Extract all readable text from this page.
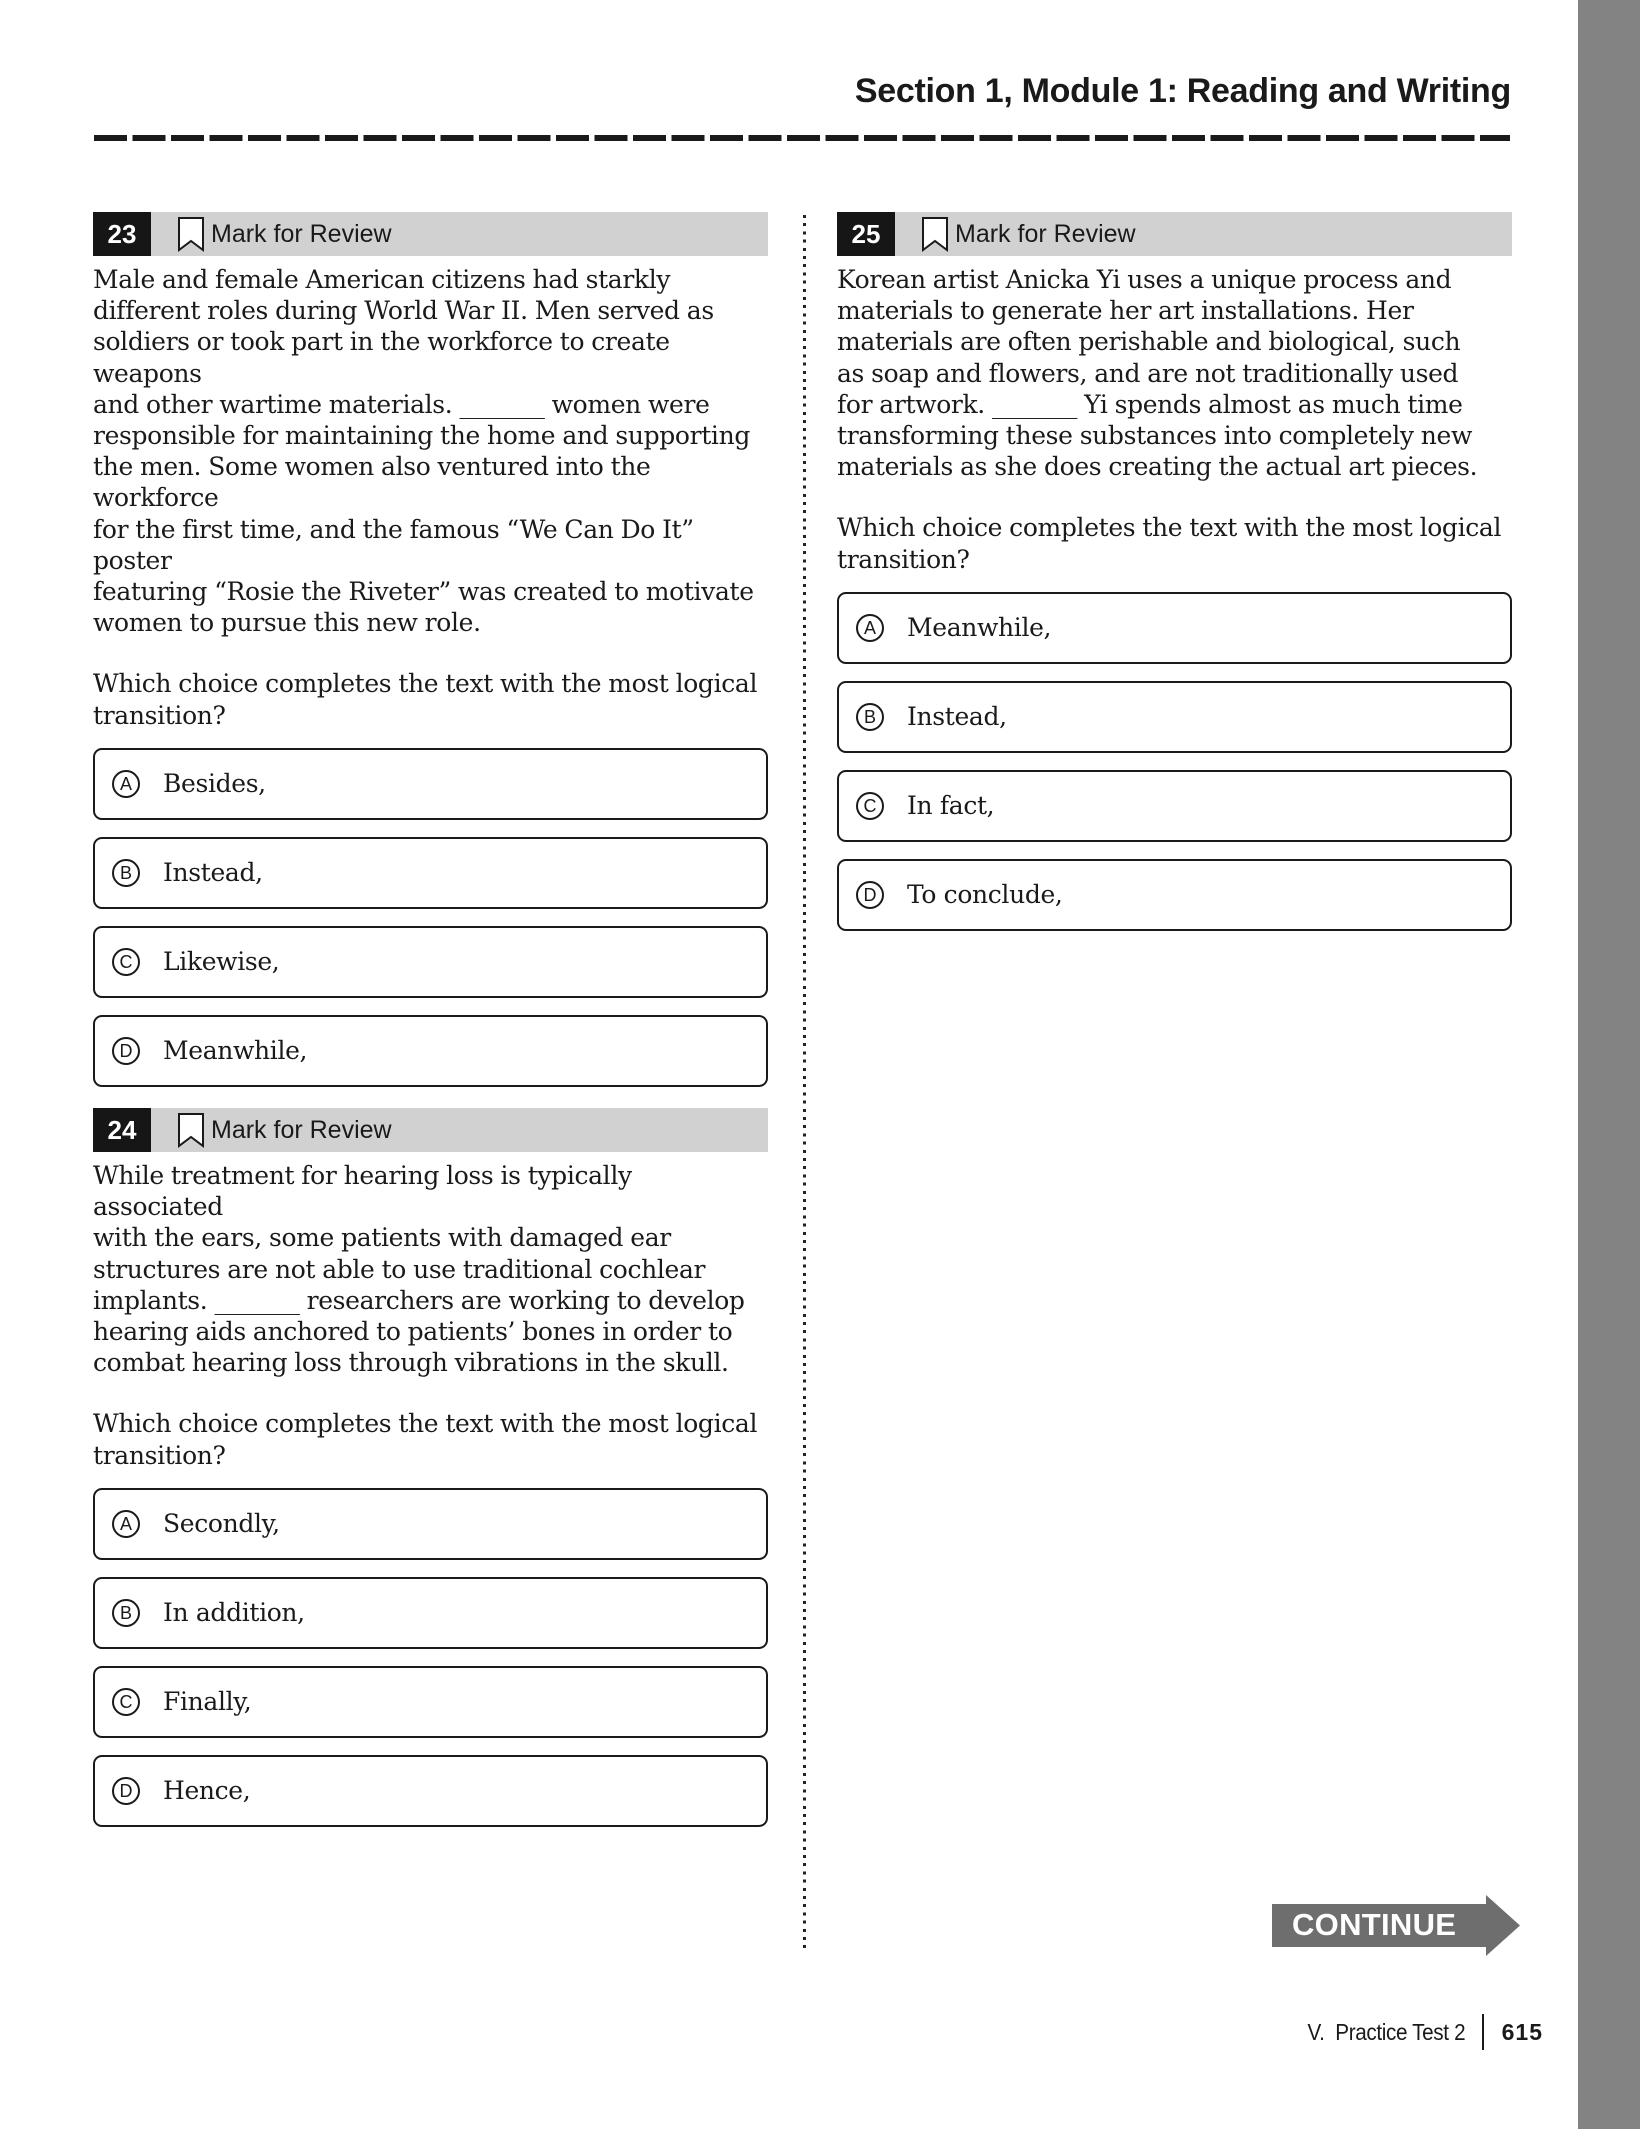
Section 1, Module 1: Reading and Writing
23	Mark for Review
Male and female American citizens had starkly
different roles during World War II. Men served as
soldiers or took part in the workforce to create weapons
and other wartime materials. _______ women were
responsible for maintaining the home and supporting
the men. Some women also ventured into the workforce
for the first time, and the famous “We Can Do It” poster
featuring “Rosie the Riveter” was created to motivate
women to pursue this new role.
Which choice completes the text with the most logical
transition?
A	Besides,
B	Instead,
C	Likewise,
D	Meanwhile,
24	Mark for Review
While treatment for hearing loss is typically associated
with the ears, some patients with damaged ear
structures are not able to use traditional cochlear
implants. _______ researchers are working to develop
hearing aids anchored to patients’ bones in order to
combat hearing loss through vibrations in the skull.
Which choice completes the text with the most logical
transition?
A	Secondly,
B	In addition,
C	Finally,
D	Hence,
25	Mark for Review
Korean artist Anicka Yi uses a unique process and
materials to generate her art installations. Her
materials are often perishable and biological, such
as soap and flowers, and are not traditionally used
for artwork. _______ Yi spends almost as much time
transforming these substances into completely new
materials as she does creating the actual art pieces.
Which choice completes the text with the most logical
transition?
A	Meanwhile,
B	Instead,
C	In fact,
D	To conclude,
CONTINUE
V.  Practice Test 2 615
